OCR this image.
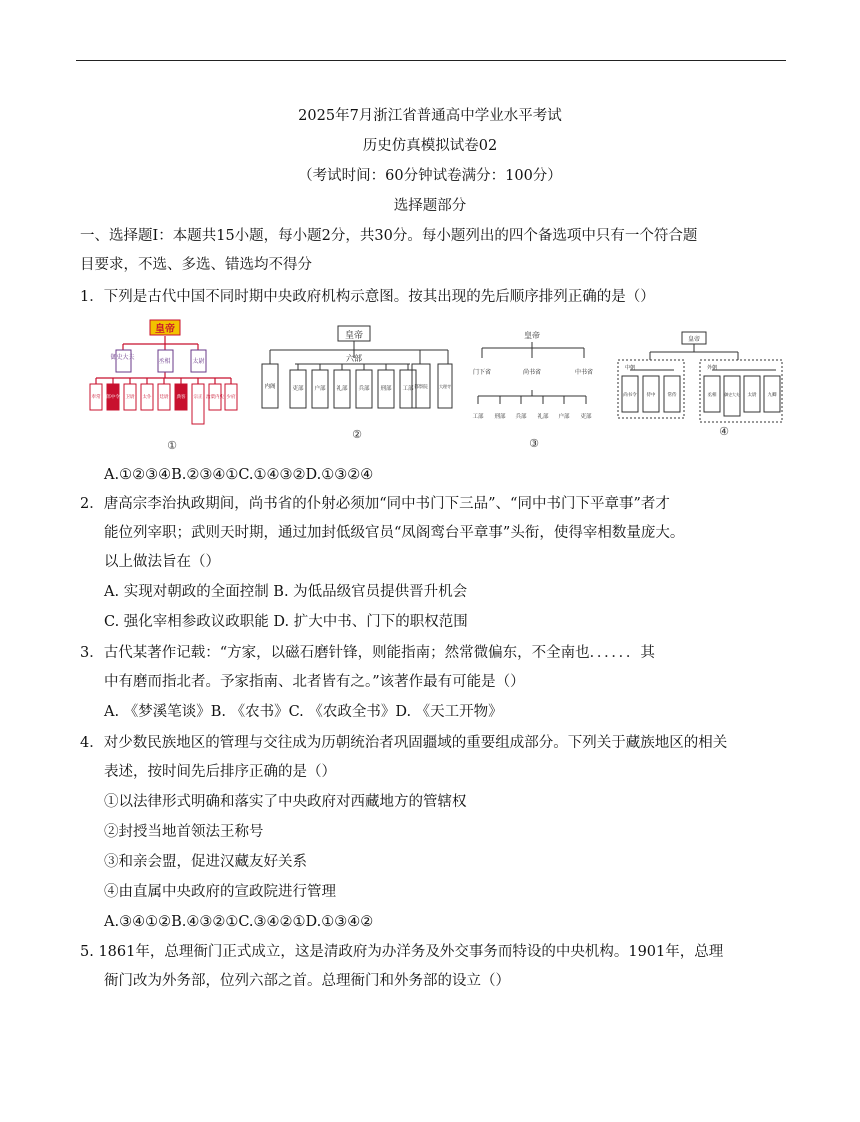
2025年7月浙江省普通高中学业水平考试
历史仿真模拟试卷02
（考试时间：60分钟试卷满分：100分）
选择题部分
一、选择题Ⅰ：本题共15小题，每小题2分，共30分。每小题列出的四个备选项中只有一个符合题
目要求，不选、多选、错选均不得分
1．下列是古代中国不同时期中央政府机构示意图。按其出现的先后顺序排列正确的是（）
皇帝
御史大夫 丞相	太尉
奉常 郎中令 卫尉 太仆 廷尉 典客 宗正 治粟内史 少府
①
皇帝
六部
内阁	吏部 户部 礼部 兵部 刑部 工部 都察院	大理寺
②
皇帝
门下省	尚书省	中书省
工部 刑部 兵部 礼部 户部 吏部
③
皇帝
中朝	外朝
尚书令 侍中	常侍	丞相 御史大夫 太尉 九卿
④
A.①②③④B.②③④①C.①④③②D.①③②④
2．唐高宗李治执政期间，尚书省的仆射必须加“同中书门下三品”、“同中书门下平章事”者才
能位列宰职；武则天时期，通过加封低级官员“凤阁鸾台平章事”头衔，使得宰相数量庞大。
以上做法旨在（）
A. 实现对朝政的全面控制 B. 为低品级官员提供晋升机会
C. 强化宰相参政议政职能 D. 扩大中书、门下的职权范围
3．古代某著作记载：“方家，以磁石磨针锋，则能指南；然常微偏东，不全南也．．．．．．其
中有磨而指北者。予家指南、北者皆有之。”该著作最有可能是（）
A. 《梦溪笔谈》B. 《农书》C. 《农政全书》D. 《天工开物》
4．对少数民族地区的管理与交往成为历朝统治者巩固疆域的重要组成部分。下列关于藏族地区的相关
表述，按时间先后排序正确的是（）
①以法律形式明确和落实了中央政府对西藏地方的管辖权
②封授当地首领法王称号
③和亲会盟，促进汉藏友好关系
④由直属中央政府的宣政院进行管理
A.③④①②B.④③②①C.③④②①D.①③④②
5. 1861年，总理衙门正式成立，这是清政府为办洋务及外交事务而特设的中央机构。1901年，总理
衙门改为外务部，位列六部之首。总理衙门和外务部的设立（）
